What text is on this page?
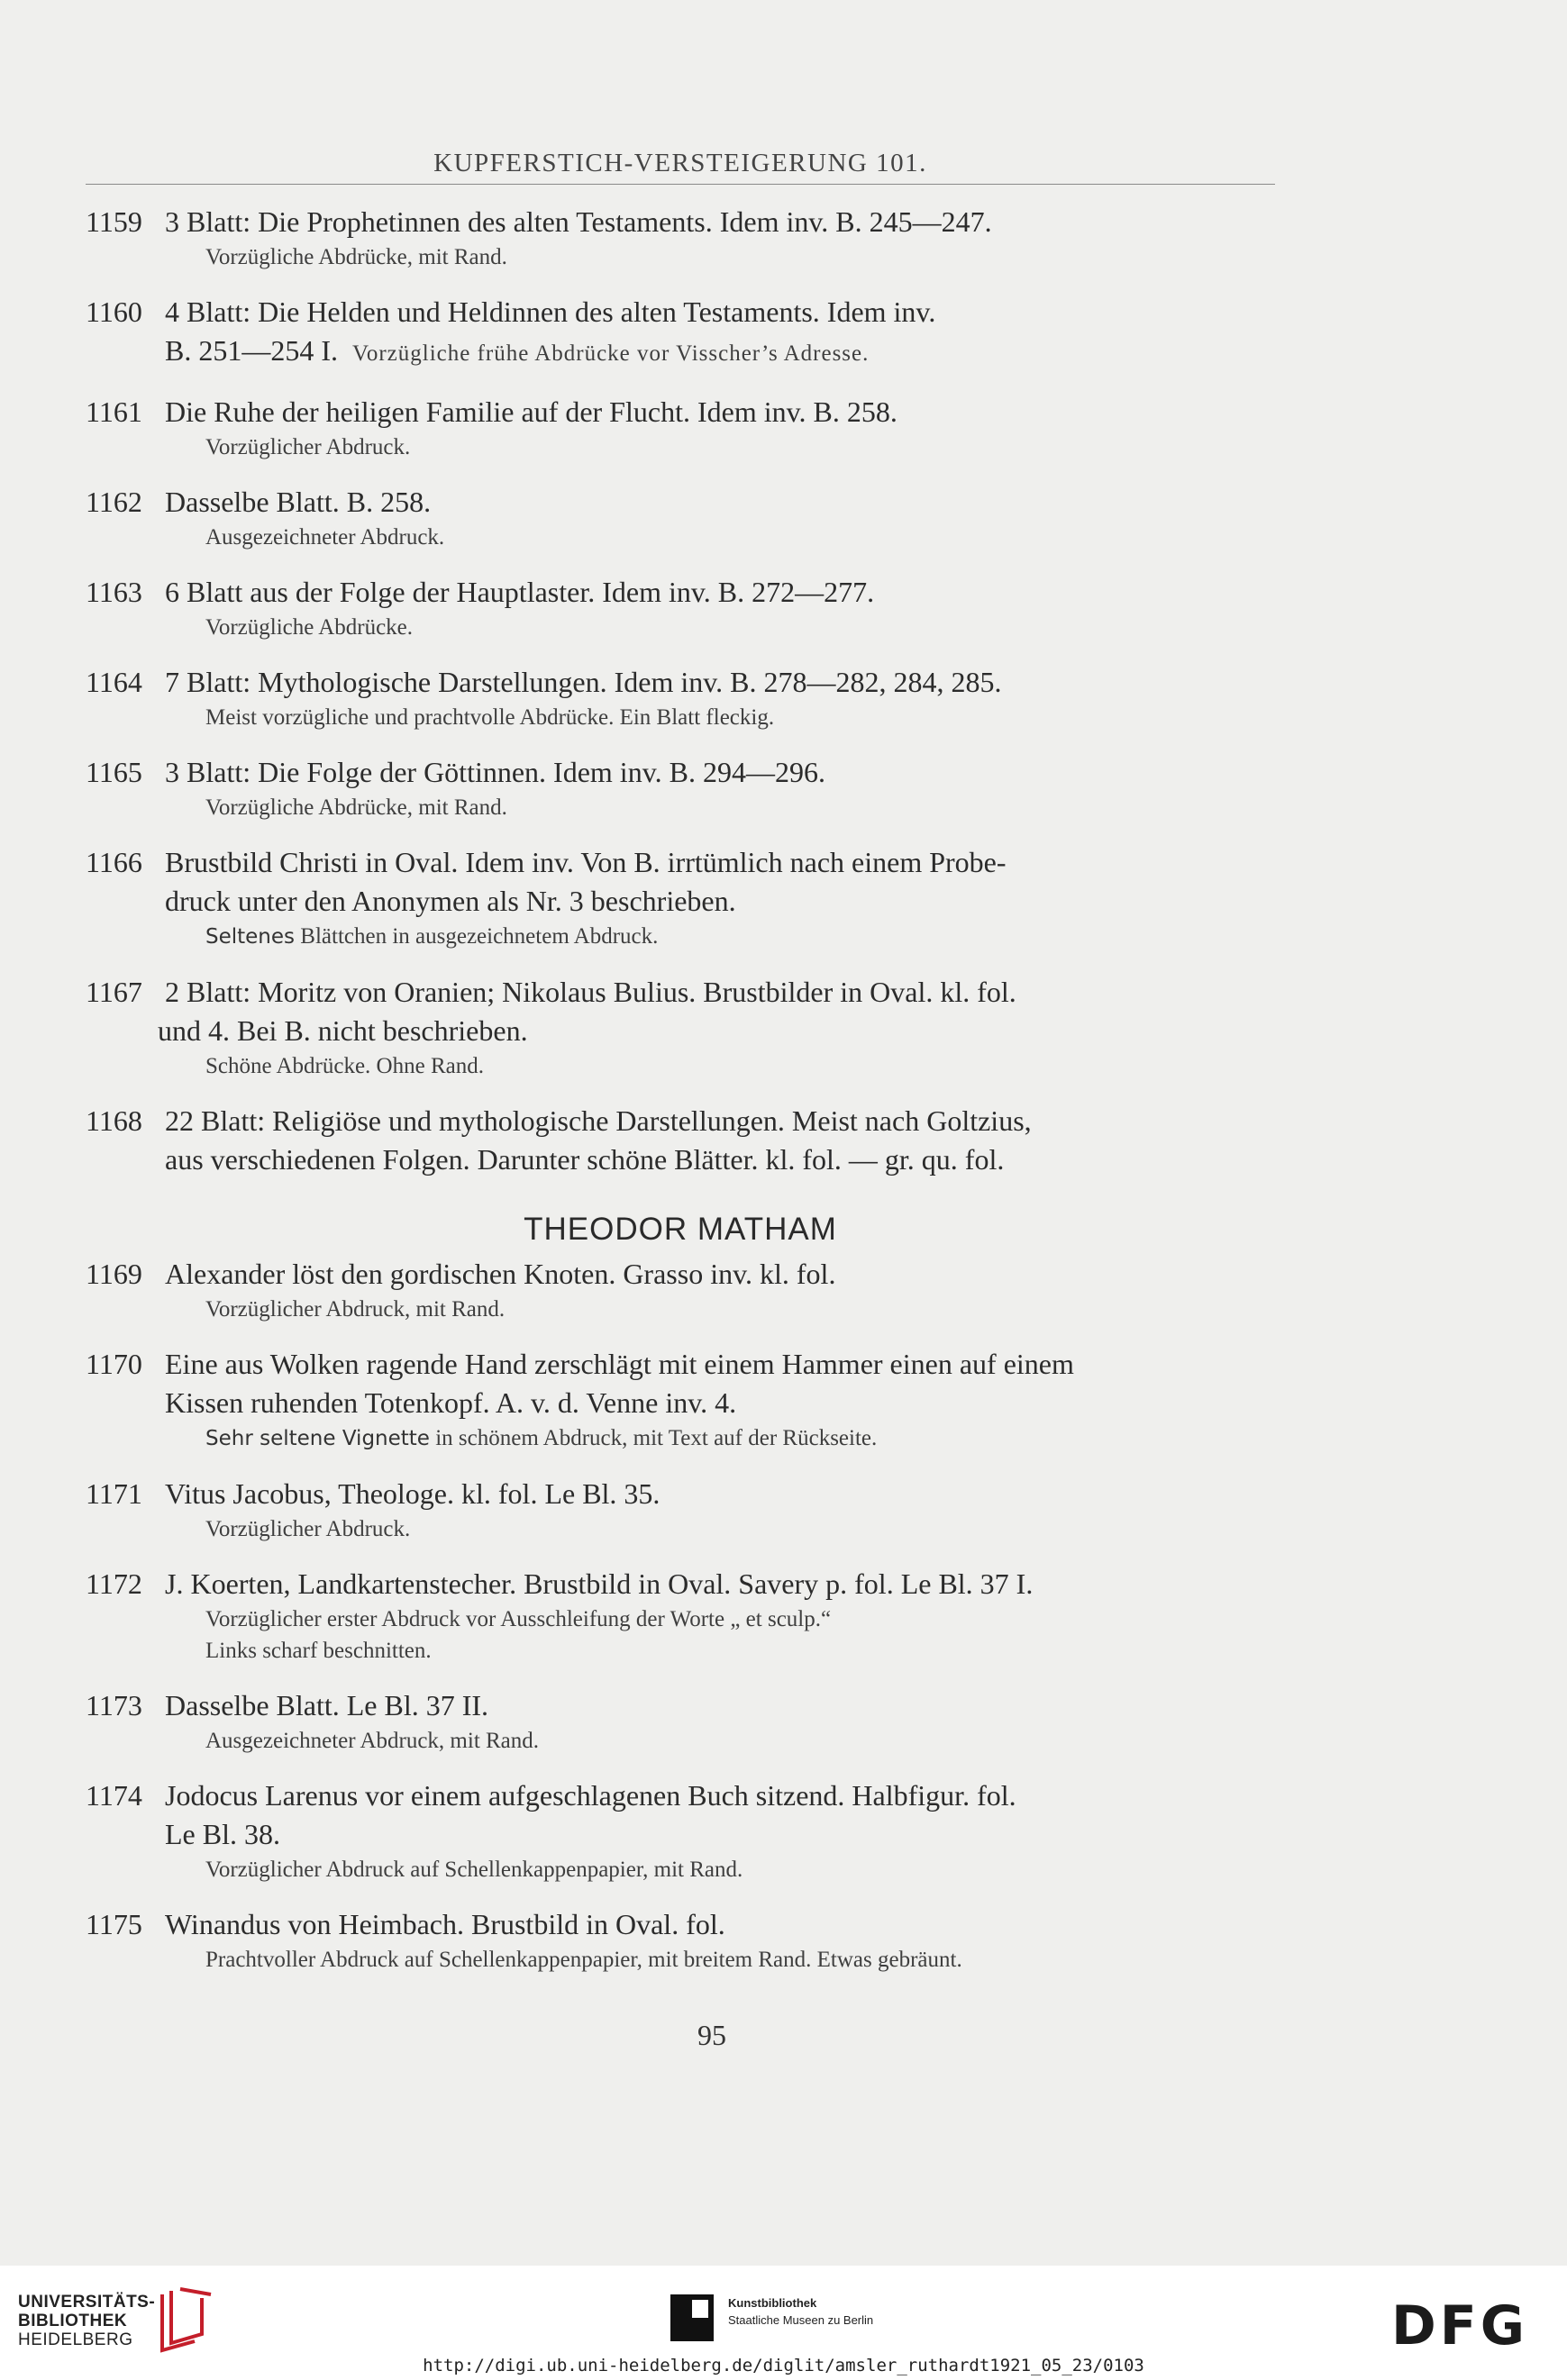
KUPFERSTICH-VERSTEIGERUNG 101.
1159 3 Blatt: Die Prophetinnen des alten Testaments. Idem inv. B. 245—247.
Vorzügliche Abdrücke, mit Rand.
1160 4 Blatt: Die Helden und Heldinnen des alten Testaments. Idem inv.
B. 251—254 I. Vorzügliche frühe Abdrücke vor Visscher’s Adresse.
1161 Die Ruhe der heiligen Familie auf der Flucht. Idem inv. B. 258.
Vorzüglicher Abdruck.
1162 Dasselbe Blatt. B. 258.
Ausgezeichneter Abdruck.
1163 6 Blatt aus der Folge der Hauptlaster. Idem inv. B. 272—277.
Vorzügliche Abdrücke.
1164 7 Blatt: Mythologische Darstellungen. Idem inv. B. 278—282, 284, 285.
Meist vorzügliche und prachtvolle Abdrücke. Ein Blatt fleckig.
1165 3 Blatt: Die Folge der Göttinnen. Idem inv. B. 294—296.
Vorzügliche Abdrücke, mit Rand.
1166 Brustbild Christi in Oval. Idem inv. Von B. irrtümlich nach einem Probe-
druck unter den Anonymen als Nr. 3 beschrieben.
Seltenes Blättchen in ausgezeichnetem Abdruck.
1167 2 Blatt: Moritz von Oranien; Nikolaus Bulius. Brustbilder in Oval. kl. fol.
und 4. Bei B. nicht beschrieben.
Schöne Abdrücke. Ohne Rand.
1168 22 Blatt: Religiöse und mythologische Darstellungen. Meist nach Goltzius,
aus verschiedenen Folgen. Darunter schöne Blätter. kl. fol. — gr. qu. fol.
THEODOR MATHAM
1169 Alexander löst den gordischen Knoten. Grasso inv. kl. fol.
Vorzüglicher Abdruck, mit Rand.
1170 Eine aus Wolken ragende Hand zerschlägt mit einem Hammer einen auf einem
Kissen ruhenden Totenkopf. A. v. d. Venne inv. 4.
Sehr seltene Vignette in schönem Abdruck, mit Text auf der Rückseite.
1171 Vitus Jacobus, Theologe. kl. fol. Le Bl. 35.
Vorzüglicher Abdruck.
1172 J. Koerten, Landkartenstecher. Brustbild in Oval. Savery p. fol. Le Bl. 37 I.
Vorzüglicher erster Abdruck vor Ausschleifung der Worte „ et sculp.“
Links scharf beschnitten.
1173 Dasselbe Blatt. Le Bl. 37 II.
Ausgezeichneter Abdruck, mit Rand.
1174 Jodocus Larenus vor einem aufgeschlagenen Buch sitzend. Halbfigur. fol.
Le Bl. 38.
Vorzüglicher Abdruck auf Schellenkappenpapier, mit Rand.
1175 Winandus von Heimbach. Brustbild in Oval. fol.
Prachtvoller Abdruck auf Schellenkappenpapier, mit breitem Rand. Etwas gebräunt.
95
UNIVERSITÄTS-
BIBLIOTHEK
HEIDELBERG
Kunstbibliothek
Staatliche Museen zu Berlin	DFG
http://digi.ub.uni-heidelberg.de/diglit/amsler_ruthardt1921_05_23/0103
